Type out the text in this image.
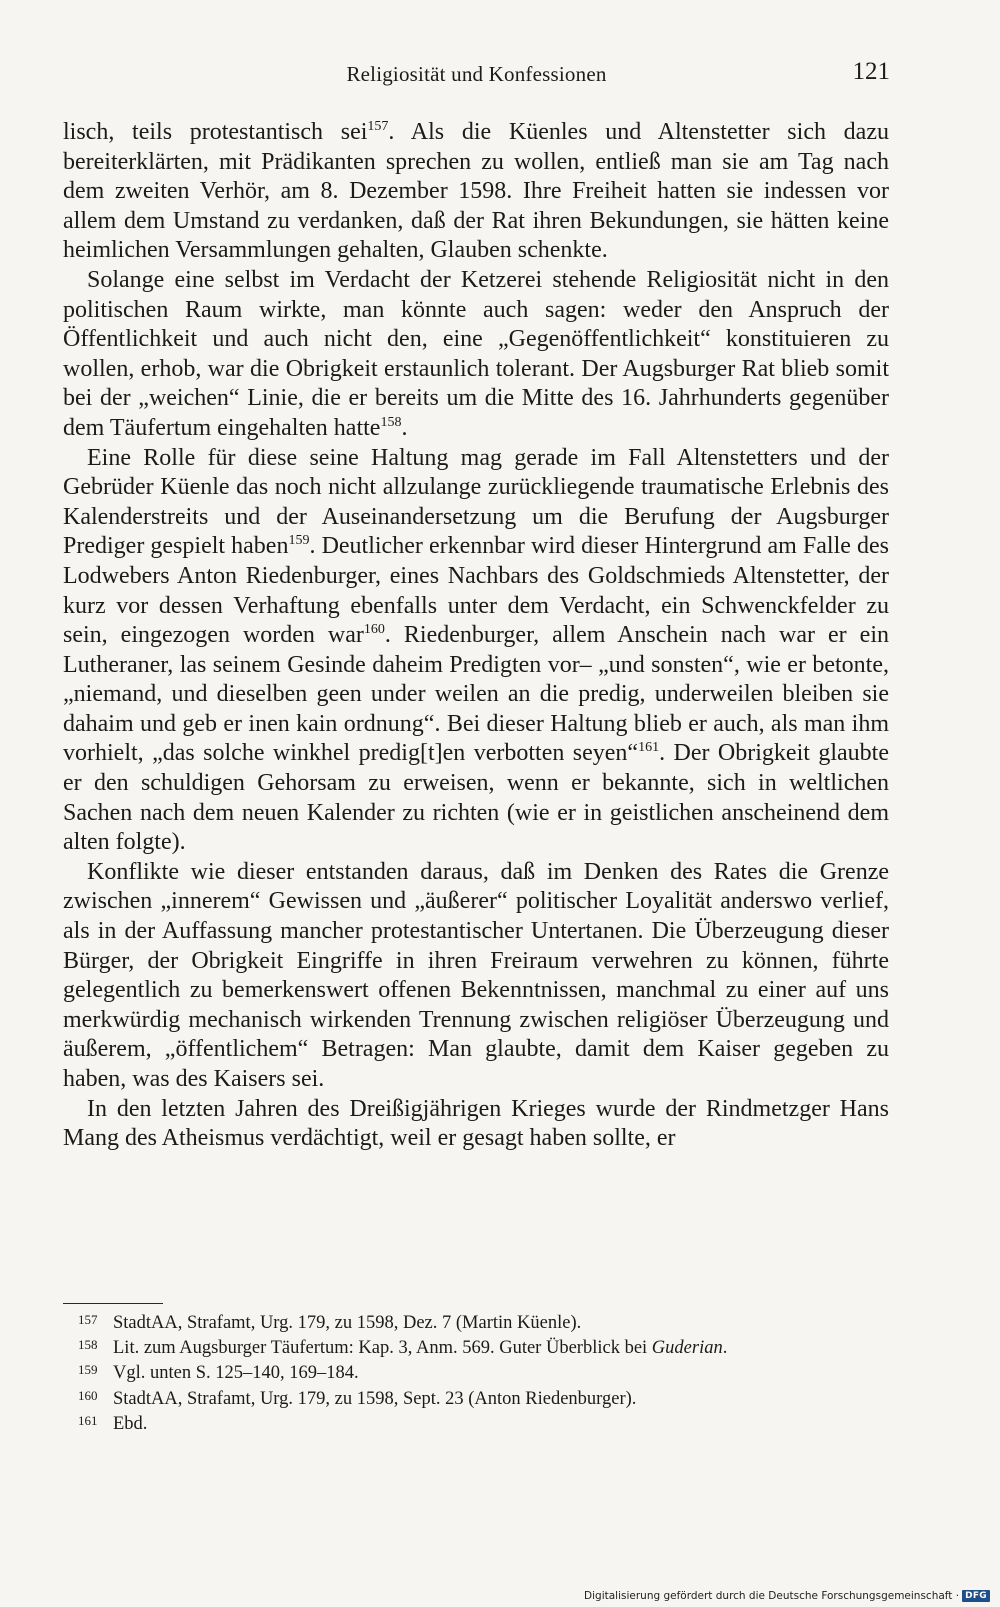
Religiosität und Konfessionen	121

lisch, teils protestantisch sei$^{157}$. Als die Küenles und Altenstetter sich dazu bereiterklärten, mit Prädikanten sprechen zu wollen, entließ man sie am Tag nach dem zweiten Verhör, am 8. Dezember 1598. Ihre Freiheit hatten sie indessen vor allem dem Umstand zu verdanken, daß der Rat ihren Bekundungen, sie hätten keine heimlichen Versammlungen gehalten, Glauben schenkte.

Solange eine selbst im Verdacht der Ketzerei stehende Religiosität nicht in den politischen Raum wirkte, man könnte auch sagen: weder den Anspruch der Öffentlichkeit und auch nicht den, eine „Gegenöffentlichkeit“ konstituieren zu wollen, erhob, war die Obrigkeit erstaunlich tolerant. Der Augsburger Rat blieb somit bei der „weichen“ Linie, die er bereits um die Mitte des 16. Jahrhunderts gegenüber dem Täufertum eingehalten hatte$^{158}$.

Eine Rolle für diese seine Haltung mag gerade im Fall Altenstetters und der Gebrüder Küenle das noch nicht allzulange zurückliegende traumatische Erlebnis des Kalenderstreits und der Auseinandersetzung um die Berufung der Augsburger Prediger gespielt haben$^{159}$. Deutlicher erkennbar wird dieser Hintergrund am Falle des Lodwebers Anton Riedenburger, eines Nachbars des Goldschmieds Altenstetter, der kurz vor dessen Verhaftung ebenfalls unter dem Verdacht, ein Schwenckfelder zu sein, eingezogen worden war$^{160}$. Riedenburger, allem Anschein nach war er ein Lutheraner, las seinem Gesinde daheim Predigten vor– „und sonsten“, wie er betonte, „niemand, und dieselben geen under weilen an die predig, underweilen bleiben sie dahaim und geb er inen kain ordnung“. Bei dieser Haltung blieb er auch, als man ihm vorhielt, „das solche winkhel predig[t]en verbotten seyen“$^{161}$. Der Obrigkeit glaubte er den schuldigen Gehorsam zu erweisen, wenn er bekannte, sich in weltlichen Sachen nach dem neuen Kalender zu richten (wie er in geistlichen anscheinend dem alten folgte).

Konflikte wie dieser entstanden daraus, daß im Denken des Rates die Grenze zwischen „innerem“ Gewissen und „äußerer“ politischer Loyalität anderswo verlief, als in der Auffassung mancher protestantischer Untertanen. Die Überzeugung dieser Bürger, der Obrigkeit Eingriffe in ihren Freiraum verwehren zu können, führte gelegentlich zu bemerkenswert offenen Bekenntnissen, manchmal zu einer auf uns merkwürdig mechanisch wirkenden Trennung zwischen religiöser Überzeugung und äußerem, „öffentlichem“ Betragen: Man glaubte, damit dem Kaiser gegeben zu haben, was des Kaisers sei.

In den letzten Jahren des Dreißigjährigen Krieges wurde der Rindmetzger Hans Mang des Atheismus verdächtigt, weil er gesagt haben sollte, er

157 StadtAA, Strafamt, Urg. 179, zu 1598, Dez. 7 (Martin Küenle).
158 Lit. zum Augsburger Täufertum: Kap. 3, Anm. 569. Guter Überblick bei Guderian.
159 Vgl. unten S. 125–140, 169–184.
160 StadtAA, Strafamt, Urg. 179, zu 1598, Sept. 23 (Anton Riedenburger).
161 Ebd.
Digitalisierung gefördert durch die Deutsche Forschungsgemeinschaft · DFG
